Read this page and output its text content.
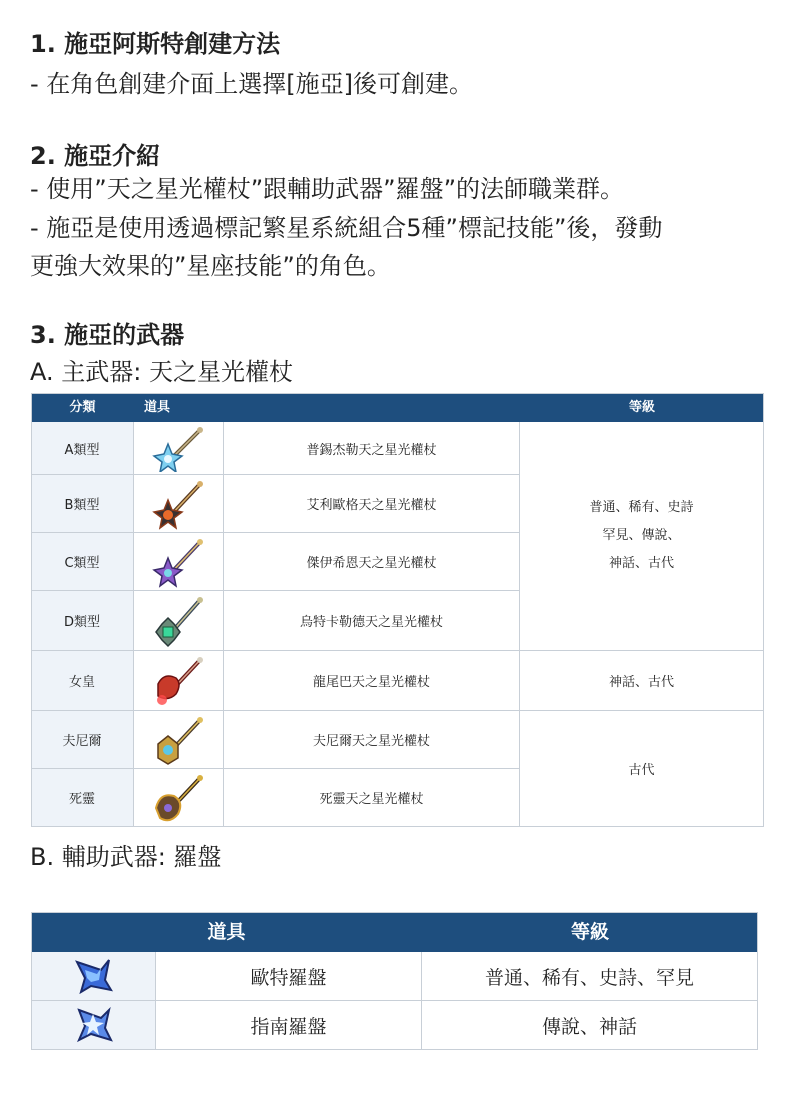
1. 施亞阿斯特創建方法
- 在角色創建介面上選擇[施亞]後可創建。
2. 施亞介紹
- 使用”天之星光權杖”跟輔助武器”羅盤”的法師職業群。
- 施亞是使用透過標記繁星系統組合5種”標記技能”後，發動
更強大效果的”星座技能”的角色。
3. 施亞的武器
A. 主武器: 天之星光權杖
B. 輔助武器: 羅盤
分類	道具	等級
A類型	普錫杰勒天之星光權杖
B類型	艾利歐格天之星光權杖
C類型	傑伊希恩天之星光權杖
D類型	烏特卡勒德天之星光權杖
普通、稀有、史詩
罕見、傳說、
神話、古代
女皇	龍尾巴天之星光權杖	神話、古代
夫尼爾	夫尼爾天之星光權杖
死靈	死靈天之星光權杖
古代
道具	等級
歐特羅盤	普通、稀有、史詩、罕見
指南羅盤	傳說、神話
